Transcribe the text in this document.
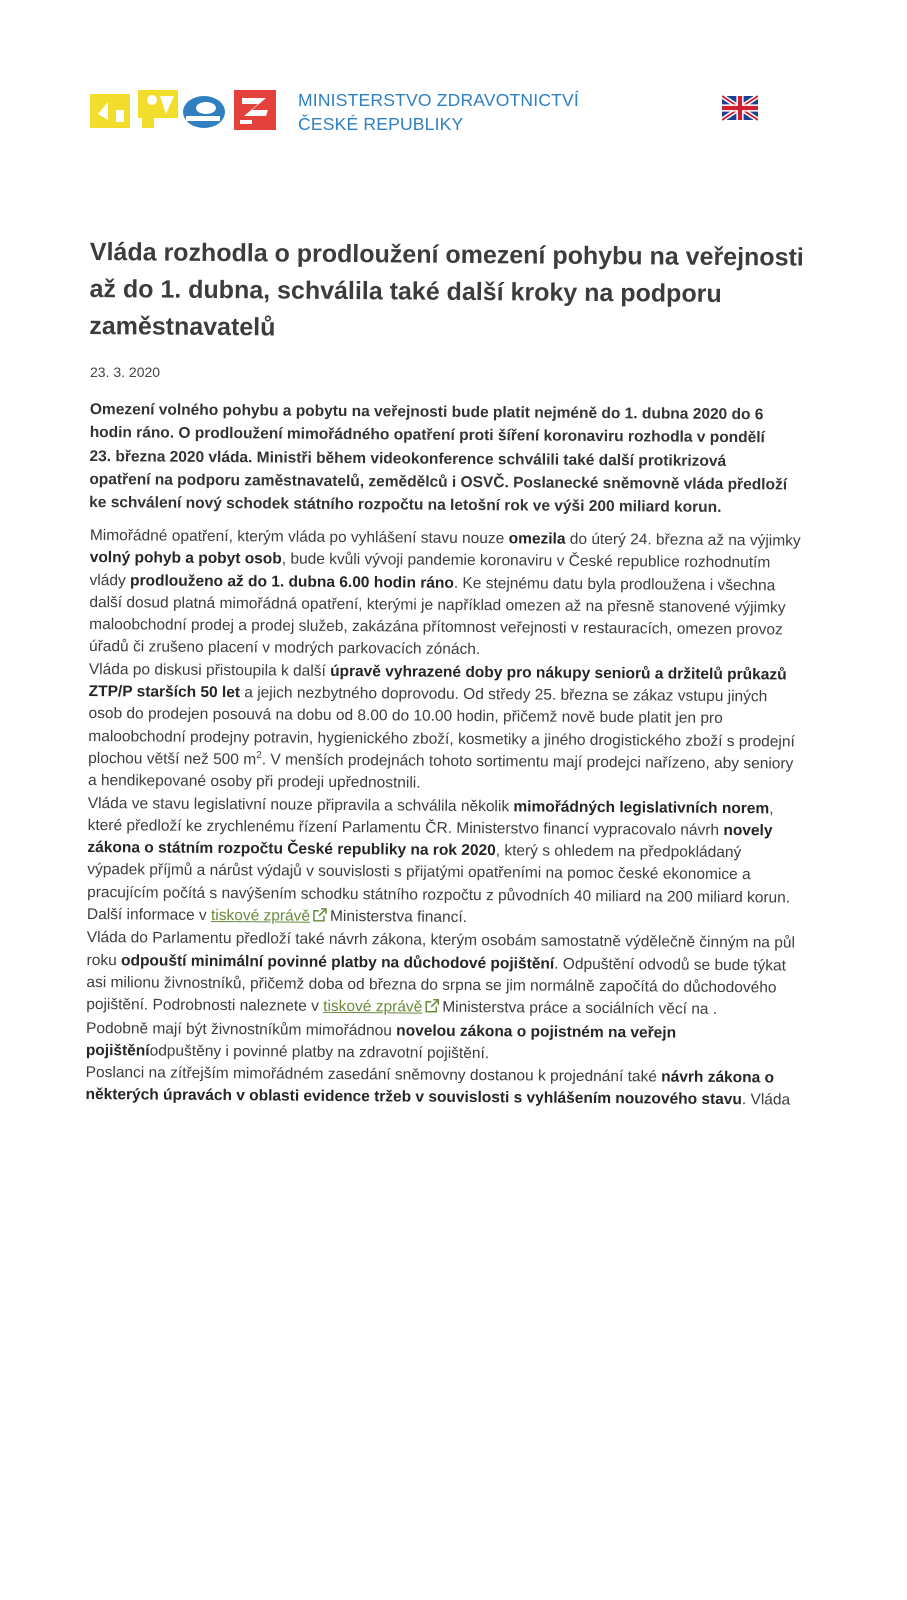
MINISTERSTVO ZDRAVOTNICTVÍ
ČESKÉ REPUBLIKY
Vláda rozhodla o prodloužení omezení pohybu na veřejnosti až do 1. dubna, schválila také další kroky na podporu zaměstnavatelů
23. 3. 2020

Omezení volného pohybu a pobytu na veřejnosti bude platit nejméně do 1. dubna 2020 do 6 hodin ráno. O prodloužení mimořádného opatření proti šíření koronaviru rozhodla v pondělí 23. března 2020 vláda. Ministři během videokonference schválili také další protikrizová opatření na podporu zaměstnavatelů, zemědělců i OSVČ. Poslanecké sněmovně vláda předloží ke schválení nový schodek státního rozpočtu na letošní rok ve výši 200 miliard korun.

Mimořádné opatření, kterým vláda po vyhlášení stavu nouze omezila do úterý 24. března až na výjimky volný pohyb a pobyt osob, bude kvůli vývoji pandemie koronaviru v České republice rozhodnutím vlády prodlouženo až do 1. dubna 6.00 hodin ráno. Ke stejnému datu byla prodloužena i všechna další dosud platná mimořádná opatření, kterými je například omezen až na přesně stanovené výjimky maloobchodní prodej a prodej služeb, zakázána přítomnost veřejnosti v restauracích, omezen provoz úřadů či zrušeno placení v modrých parkovacích zónách.

Vláda po diskusi přistoupila k další úpravě vyhrazené doby pro nákupy seniorů a držitelů průkazů ZTP/P starších 50 let a jejich nezbytného doprovodu. Od středy 25. března se zákaz vstupu jiných osob do prodejen posouvá na dobu od 8.00 do 10.00 hodin, přičemž nově bude platit jen pro maloobchodní prodejny potravin, hygienického zboží, kosmetiky a jiného drogistického zboží s prodejní plochou větší než 500 $m^2$. V menších prodejnách tohoto sortimentu mají prodejci nařízeno, aby seniory a hendikepované osoby při prodeji upřednostnili.

Vláda ve stavu legislativní nouze připravila a schválila několik mimořádných legislativních norem, které předloží ke zrychlenému řízení Parlamentu ČR. Ministerstvo financí vypracovalo návrh novely zákona o státním rozpočtu České republiky na rok 2020, který s ohledem na předpokládaný výpadek příjmů a nárůst výdajů v souvislosti s přijatými opatřeními na pomoc české ekonomice a pracujícím počítá s navýšením schodku státního rozpočtu z původních 40 miliard na 200 miliard korun. Další informace v tiskové zprávě Ministerstva financí.

Vláda do Parlamentu předloží také návrh zákona, kterým osobám samostatně výdělečně činným na půl roku odpouští minimální povinné platby na důchodové pojištění. Odpuštění odvodů se bude týkat asi milionu živnostníků, přičemž doba od března do srpna se jim normálně započítá do důchodového pojištění. Podrobnosti naleznete v tiskové zprávě Ministerstva práce a sociálních věcí na .

Podobně mají být živnostníkům mimořádnou novelou zákona o pojistném na veřejn pojištěníodpuštěny i povinné platby na zdravotní pojištění.

Poslanci na zítřejším mimořádném zasedání sněmovny dostanou k projednání také návrh zákona o některých úpravách v oblasti evidence tržeb v souvislosti s vyhlášením nouzového stavu. Vláda
